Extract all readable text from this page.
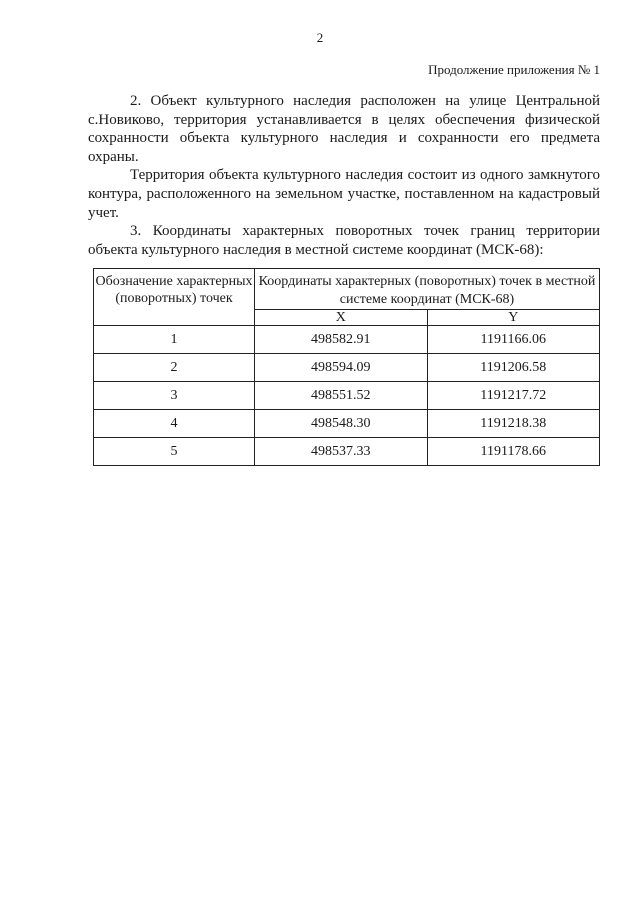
2
Продолжение приложения № 1

2. Объект культурного наследия расположен на улице Центральной с.Новиково, территория устанавливается в целях обеспечения физической сохранности объекта культурного наследия и сохранности его предмета охраны.

Территория объекта культурного наследия состоит из одного замкнутого контура, расположенного на земельном участке, поставленном на кадастровый учет.

3. Координаты характерных поворотных точек границ территории объекта культурного наследия в местной системе координат (МСК-68):

Обозначение характерных (поворотных) точек	Координаты характерных (поворотных) точек в местной системе координат (МСК-68)	
	X	Y
1	498582.91	1191166.06
2	498594.09	1191206.58
3	498551.52	1191217.72
4	498548.30	1191218.38
5	498537.33	1191178.66
